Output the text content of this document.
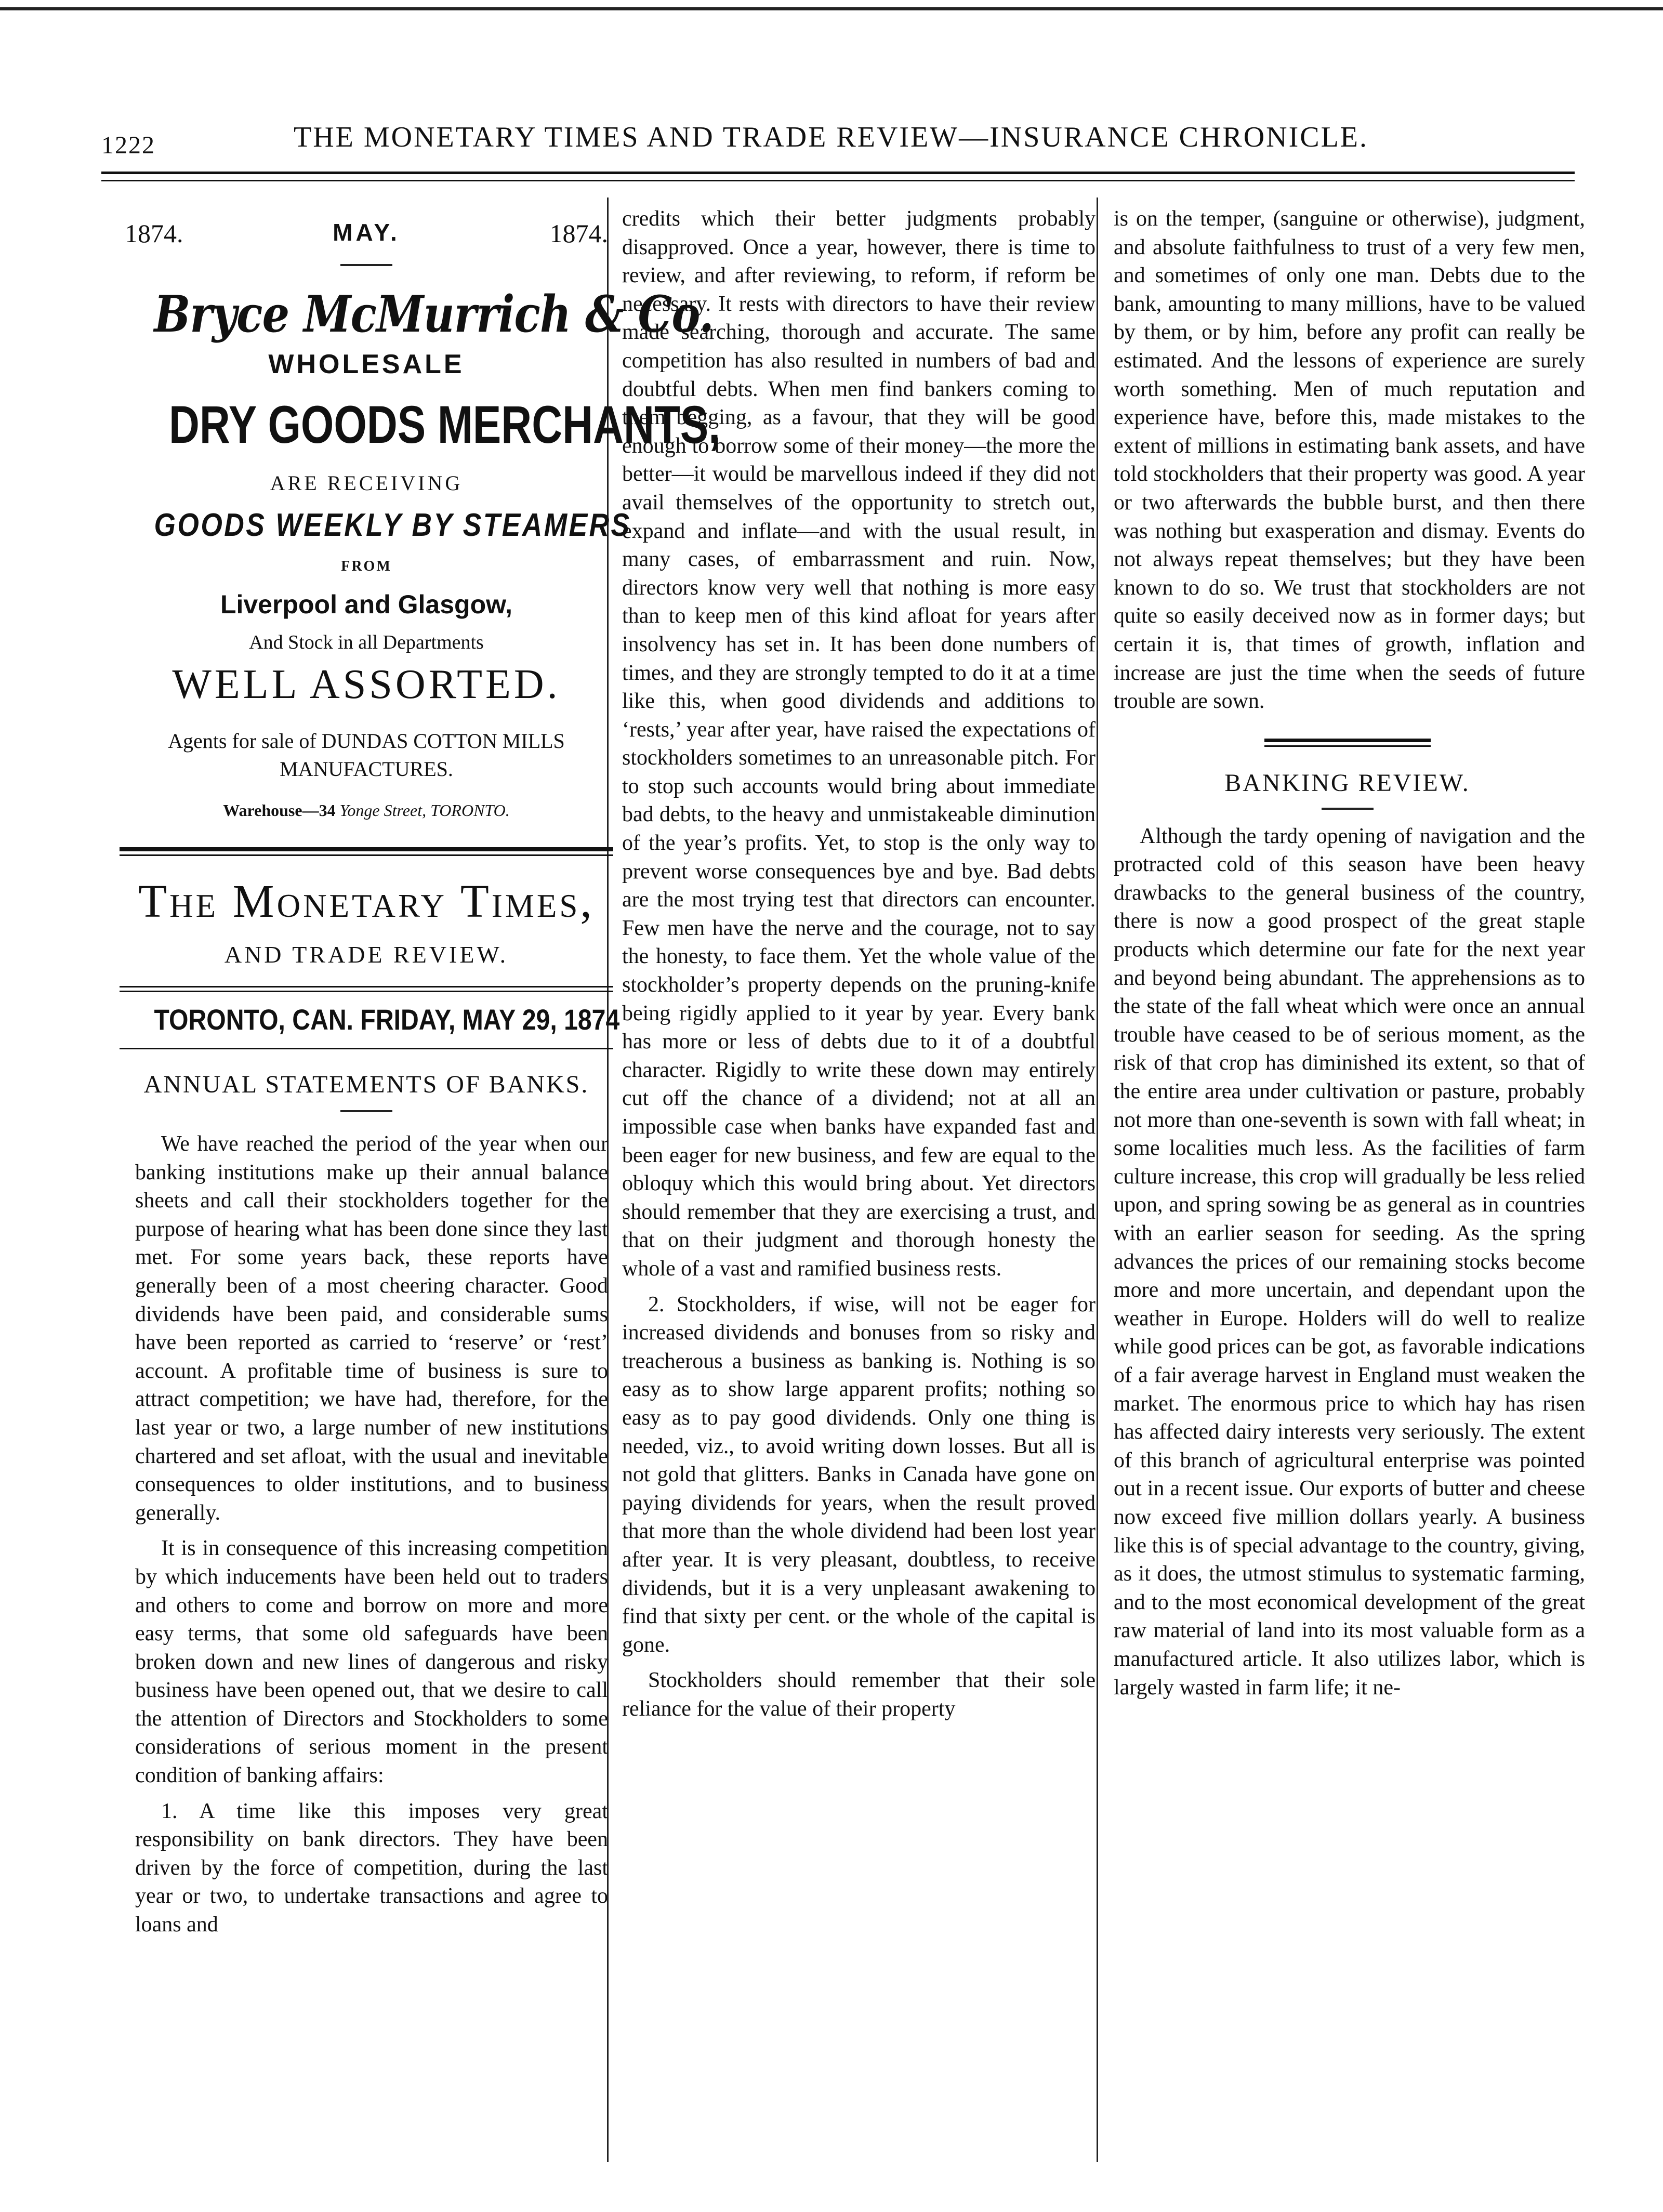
1222	THE MONETARY TIMES AND TRADE REVIEW—INSURANCE CHRONICLE.
1874.	MAY.	1874.
Bryce McMurrich & Co.
WHOLESALE
DRY GOODS MERCHANTS,
ARE RECEIVING
GOODS WEEKLY BY STEAMERS
FROM
Liverpool and Glasgow,
And Stock in all Departments
WELL ASSORTED.
Agents for sale of DUNDAS COTTON MILLS MANUFACTURES.
Warehouse—34 Yonge Street, TORONTO.
The Monetary Times,
AND TRADE REVIEW.
TORONTO, CAN. FRIDAY, MAY 29, 1874
ANNUAL STATEMENTS OF BANKS.

We have reached the period of the year when our banking institutions make up their annual balance sheets and call their stockholders together for the purpose of hearing what has been done since they last met. For some years back, these reports have generally been of a most cheering character. Good dividends have been paid, and considerable sums have been reported as carried to ‘reserve’ or ‘rest’ account. A profitable time of business is sure to attract competition; we have had, therefore, for the last year or two, a large number of new institutions chartered and set afloat, with the usual and inevitable consequences to older institutions, and to business generally.

It is in consequence of this increasing competition by which inducements have been held out to traders and others to come and borrow on more and more easy terms, that some old safeguards have been broken down and new lines of dangerous and risky business have been opened out, that we desire to call the attention of Directors and Stockholders to some considerations of serious moment in the present condition of banking affairs:

1. A time like this imposes very great responsibility on bank directors. They have been driven by the force of competition, during the last year or two, to undertake transactions and agree to loans and

credits which their better judgments probably disapproved. Once a year, however, there is time to review, and after reviewing, to reform, if reform be necessary. It rests with directors to have their review made searching, thorough and accurate. The same competition has also resulted in numbers of bad and doubtful debts. When men find bankers coming to them begging, as a favour, that they will be good enough to borrow some of their money—the more the better—it would be marvellous indeed if they did not avail themselves of the opportunity to stretch out, expand and inflate—and with the usual result, in many cases, of embarrassment and ruin. Now, directors know very well that nothing is more easy than to keep men of this kind afloat for years after insolvency has set in. It has been done numbers of times, and they are strongly tempted to do it at a time like this, when good dividends and additions to ‘rests,’ year after year, have raised the expectations of stockholders sometimes to an unreasonable pitch. For to stop such accounts would bring about immediate bad debts, to the heavy and unmistakeable diminution of the year’s profits. Yet, to stop is the only way to prevent worse consequences bye and bye. Bad debts are the most trying test that directors can encounter. Few men have the nerve and the courage, not to say the honesty, to face them. Yet the whole value of the stockholder’s property depends on the pruning-knife being rigidly applied to it year by year. Every bank has more or less of debts due to it of a doubtful character. Rigidly to write these down may entirely cut off the chance of a dividend; not at all an impossible case when banks have expanded fast and been eager for new business, and few are equal to the obloquy which this would bring about. Yet directors should remember that they are exercising a trust, and that on their judgment and thorough honesty the whole of a vast and ramified business rests.

2. Stockholders, if wise, will not be eager for increased dividends and bonuses from so risky and treacherous a business as banking is. Nothing is so easy as to show large apparent profits; nothing so easy as to pay good dividends. Only one thing is needed, viz., to avoid writing down losses. But all is not gold that glitters. Banks in Canada have gone on paying dividends for years, when the result proved that more than the whole dividend had been lost year after year. It is very pleasant, doubtless, to receive dividends, but it is a very unpleasant awakening to find that sixty per cent. or the whole of the capital is gone.

Stockholders should remember that their sole reliance for the value of their property

is on the temper, (sanguine or otherwise), judgment, and absolute faithfulness to trust of a very few men, and sometimes of only one man. Debts due to the bank, amounting to many millions, have to be valued by them, or by him, before any profit can really be estimated. And the lessons of experience are surely worth something. Men of much reputation and experience have, before this, made mistakes to the extent of millions in estimating bank assets, and have told stockholders that their property was good. A year or two afterwards the bubble burst, and then there was nothing but exasperation and dismay. Events do not always repeat themselves; but they have been known to do so. We trust that stockholders are not quite so easily deceived now as in former days; but certain it is, that times of growth, inflation and increase are just the time when the seeds of future trouble are sown.

BANKING REVIEW.

Although the tardy opening of navigation and the protracted cold of this season have been heavy drawbacks to the general business of the country, there is now a good prospect of the great staple products which determine our fate for the next year and beyond being abundant. The apprehensions as to the state of the fall wheat which were once an annual trouble have ceased to be of serious moment, as the risk of that crop has diminished its extent, so that of the entire area under cultivation or pasture, probably not more than one-seventh is sown with fall wheat; in some localities much less. As the facilities of farm culture increase, this crop will gradually be less relied upon, and spring sowing be as general as in countries with an earlier season for seeding. As the spring advances the prices of our remaining stocks become more and more uncertain, and dependant upon the weather in Europe. Holders will do well to realize while good prices can be got, as favorable indications of a fair average harvest in England must weaken the market. The enormous price to which hay has risen has affected dairy interests very seriously. The extent of this branch of agricultural enterprise was pointed out in a recent issue. Our exports of butter and cheese now exceed five million dollars yearly. A business like this is of special advantage to the country, giving, as it does, the utmost stimulus to systematic farming, and to the most economical development of the great raw material of land into its most valuable form as a manufactured article. It also utilizes labor, which is largely wasted in farm life; it ne-
